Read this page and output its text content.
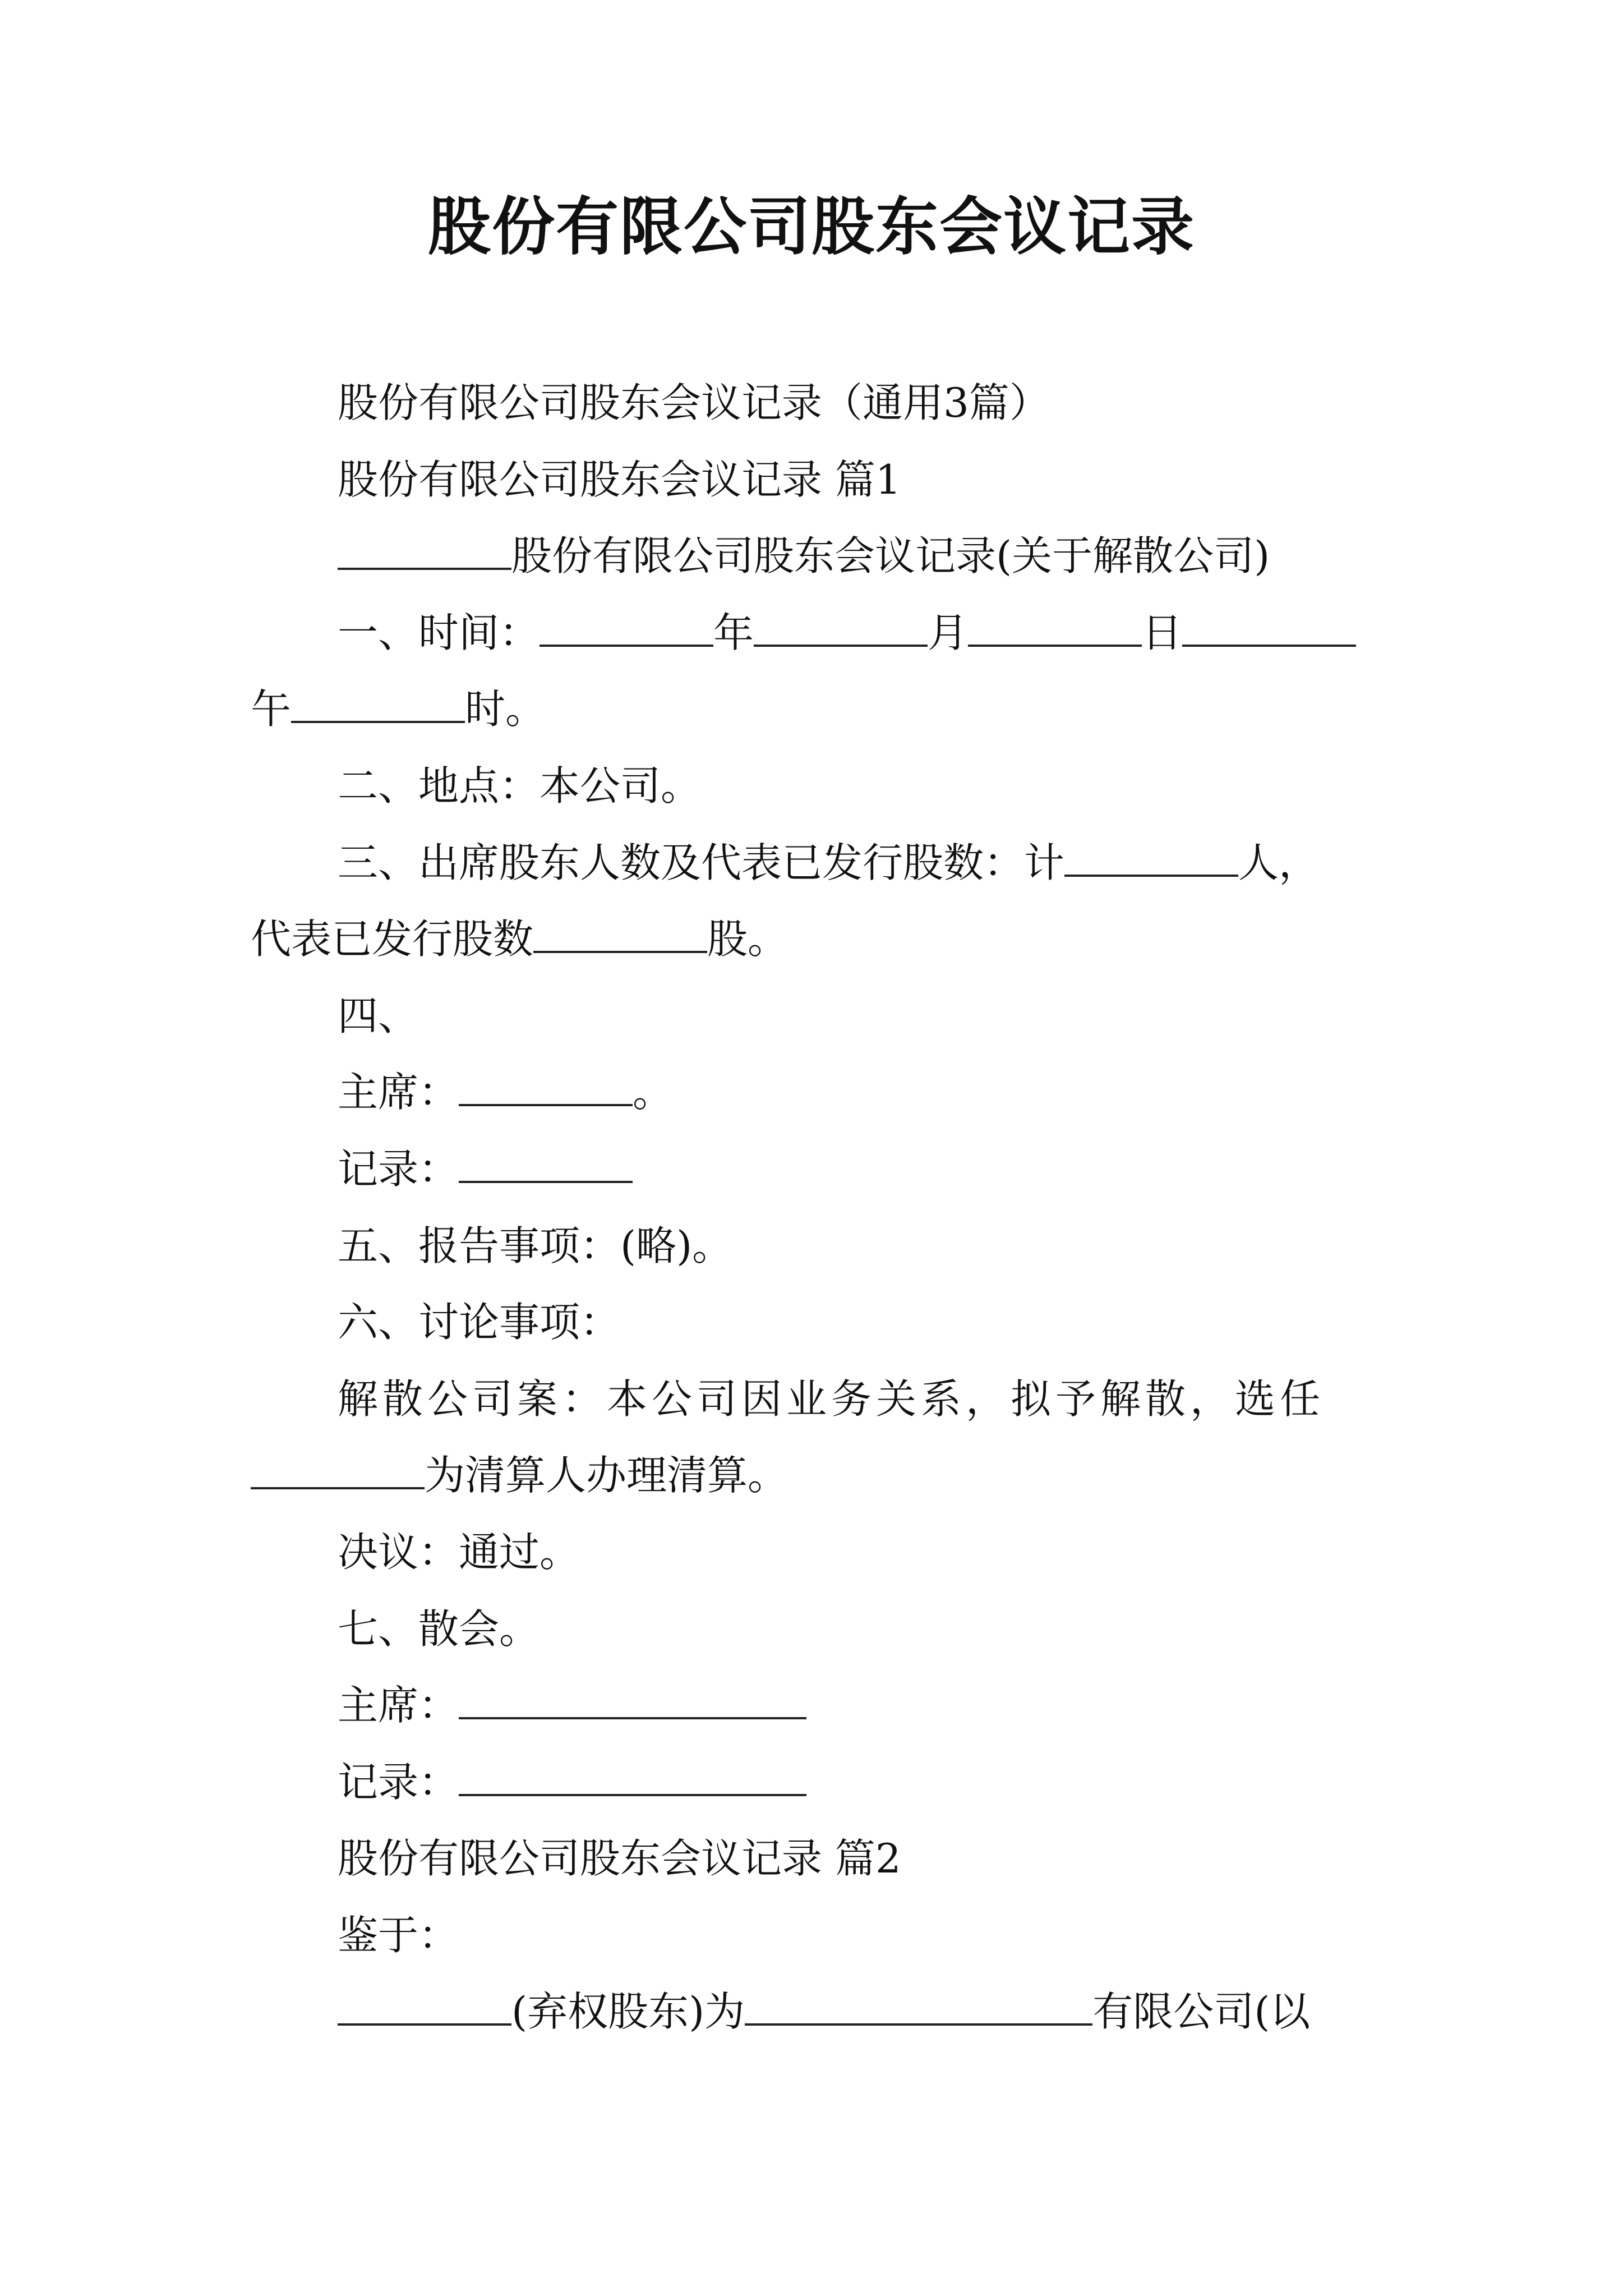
股份有限公司股东会议记录

股份有限公司股东会议记录（通用3篇）

股份有限公司股东会议记录 篇1

股份有限公司股东会议记录(关于解散公司)

一、时间：	年	月	日

午	时。

二、地点：本公司。

三、出席股东人数及代表已发行股数：计	人，

代表已发行股数	股。

四、

主席：	。

记录：

五、报告事项：(略)。

六、讨论事项：

解散公司案：本公司因业务关系，拟予解散，选任

为清算人办理清算。

决议：通过。

七、散会。

主席：

记录：

股份有限公司股东会议记录 篇2

鉴于：

(弃权股东)为	有限公司(以
